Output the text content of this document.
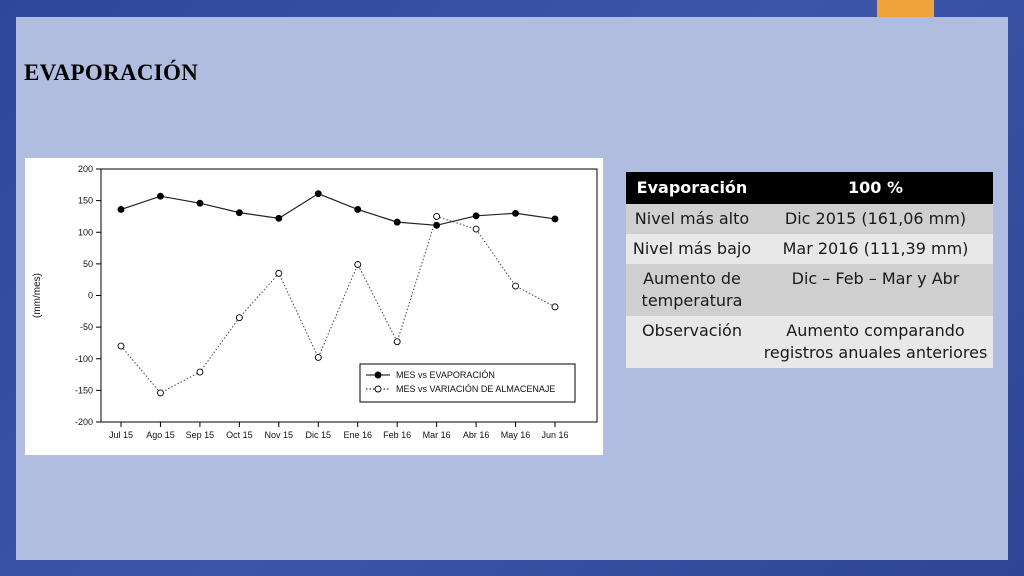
EVAPORACIÓN
200
150
100
50
0
-50
-100
-150
-200
Jul 15 Ago 15 Sep 15 Oct 15 Nov 15 Dic 15 Ene 16 Feb 16 Mar 16 Abr 16 May 16 Jun 16
(mm/mes)
MES vs EVAPORACIÓN
MES vs VARIACIÓN DE ALMACENAJE
Evaporación	100 %
Nivel más alto	Dic 2015 (161,06 mm)
Nivel más bajo	Mar 2016 (111,39 mm)
Aumento de temperatura	Dic – Feb – Mar y Abr
Observación	Aumento comparando registros anuales anteriores
